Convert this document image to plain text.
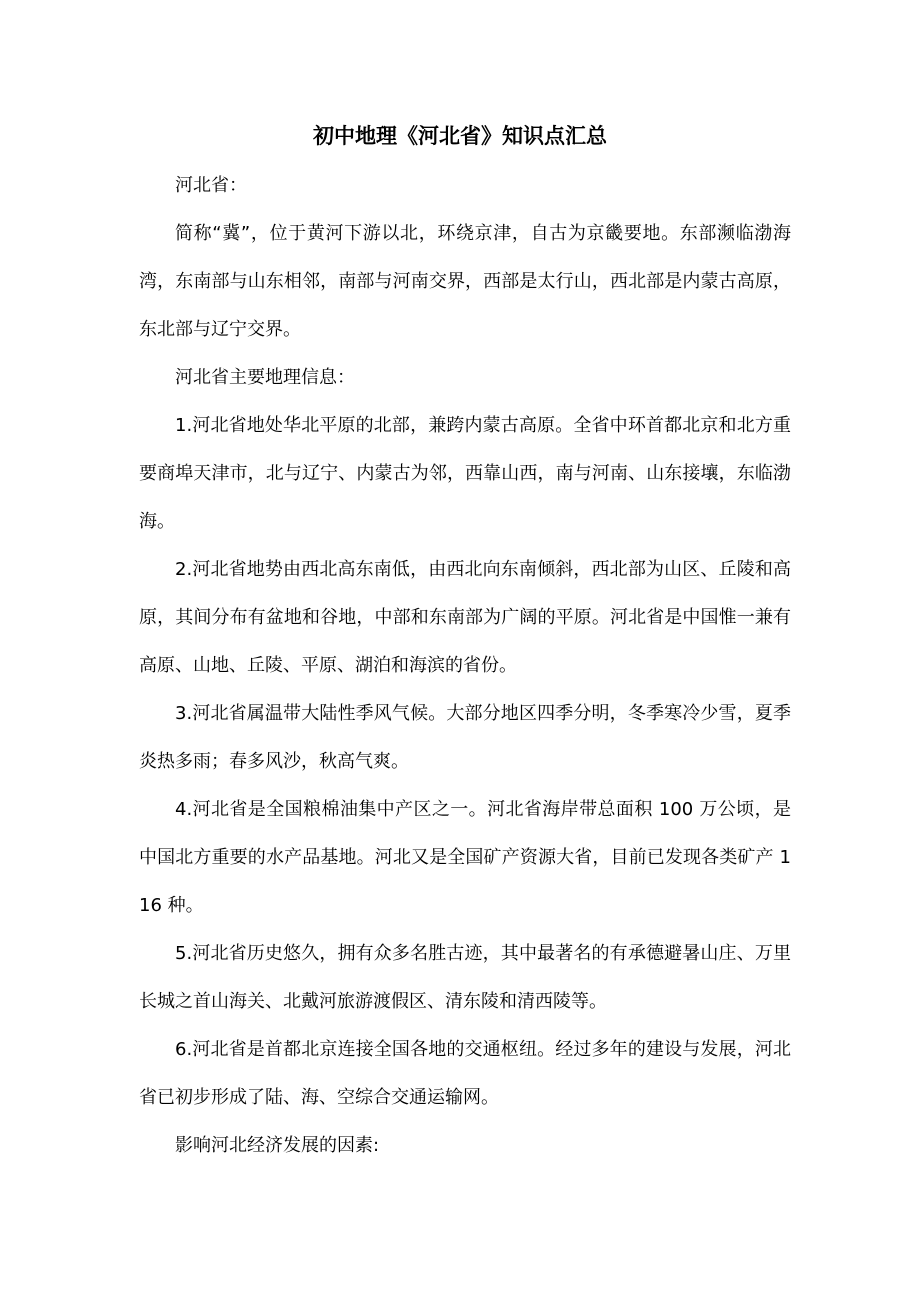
初中地理《河北省》知识点汇总

河北省：

简称“冀”，位于黄河下游以北，环绕京津，自古为京畿要地。东部濒临渤海湾，东南部与山东相邻，南部与河南交界，西部是太行山，西北部是内蒙古高原，东北部与辽宁交界。

河北省主要地理信息：

1.河北省地处华北平原的北部，兼跨内蒙古高原。全省中环首都北京和北方重要商埠天津市，北与辽宁、内蒙古为邻，西靠山西，南与河南、山东接壤，东临渤海。

2.河北省地势由西北高东南低，由西北向东南倾斜，西北部为山区、丘陵和高原，其间分布有盆地和谷地，中部和东南部为广阔的平原。河北省是中国惟一兼有高原、山地、丘陵、平原、湖泊和海滨的省份。

3.河北省属温带大陆性季风气候。大部分地区四季分明，冬季寒冷少雪，夏季炎热多雨；春多风沙，秋高气爽。

4.河北省是全国粮棉油集中产区之一。河北省海岸带总面积 100 万公顷，是中国北方重要的水产品基地。河北又是全国矿产资源大省，目前已发现各类矿产 116 种。

5.河北省历史悠久，拥有众多名胜古迹，其中最著名的有承德避暑山庄、万里长城之首山海关、北戴河旅游渡假区、清东陵和清西陵等。

6.河北省是首都北京连接全国各地的交通枢纽。经过多年的建设与发展，河北省已初步形成了陆、海、空综合交通运输网。

影响河北经济发展的因素:
